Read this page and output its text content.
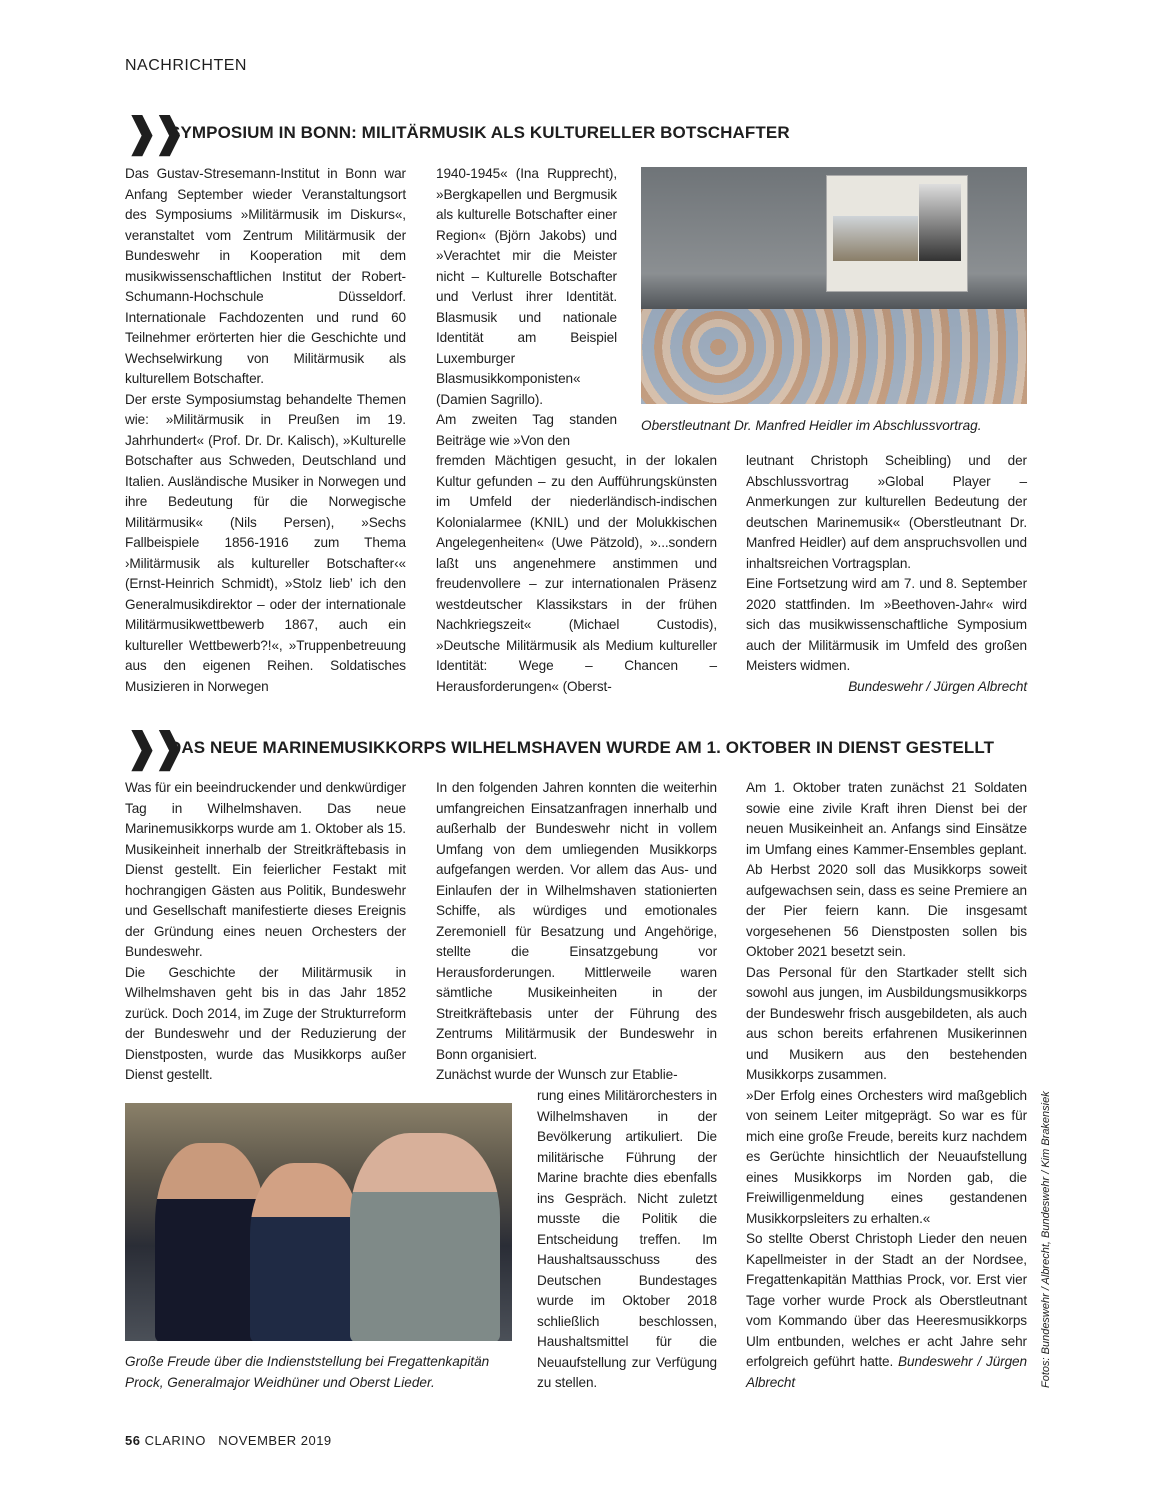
NACHRICHTEN
❱❱
SYMPOSIUM IN BONN: MILITÄRMUSIK ALS KULTURELLER BOTSCHAFTER

Das Gustav-Stresemann-Institut in Bonn war Anfang September wieder Veranstaltungsort des Symposiums »Militärmusik im Diskurs«, veranstaltet vom Zentrum Militärmusik der Bundeswehr in Kooperation mit dem musikwissenschaftlichen Institut der Robert-Schumann-Hochschule Düsseldorf. Internationale Fachdozenten und rund 60 Teilnehmer erörterten hier die Geschichte und Wechselwirkung von Militärmusik als kulturellem Botschafter.

Der erste Symposiumstag behandelte Themen wie: »Militärmusik in Preußen im 19. Jahrhundert« (Prof. Dr. Dr. Kalisch), »Kulturelle Botschafter aus Schweden, Deutschland und Italien. Ausländische Musiker in Norwegen und ihre Bedeutung für die Norwegische Militärmusik« (Nils Persen), »Sechs Fallbeispiele 1856-1916 zum Thema ›Militärmusik als kultureller Botschafter‹« (Ernst-Heinrich Schmidt), »Stolz lieb’ ich den Generalmusikdirektor – oder der internationale Militärmusikwettbewerb 1867, auch ein kultureller Wettbewerb?!«, »Truppenbetreuung aus den eigenen Reihen. Soldatisches Musizieren in Norwegen

1940-1945« (Ina Rupprecht), »Bergkapellen und Bergmusik als kulturelle Botschafter einer Region« (Björn Jakobs) und »Verachtet mir die Meister nicht – Kulturelle Botschafter und Verlust ihrer Identität. Blasmusik und nationale Identität am Beispiel Luxemburger Blasmusikkomponisten« (Damien Sagrillo).

Am zweiten Tag standen Beiträge wie »Von den

Oberstleutnant Dr. Manfred Heidler im Abschlussvortrag.

fremden Mächtigen gesucht, in der lokalen Kultur gefunden – zu den Aufführungskünsten im Umfeld der niederländisch-indischen Kolonialarmee (KNIL) und der Molukkischen Angelegenheiten« (Uwe Pätzold), »...sondern laßt uns angenehmere anstimmen und freudenvollere – zur internationalen Präsenz westdeutscher Klassikstars in der frühen Nachkriegszeit« (Michael Custodis), »Deutsche Militärmusik als Medium kultureller Identität: Wege – Chancen – Herausforderungen« (Oberst-

leutnant Christoph Scheibling) und der Abschlussvortrag »Global Player – Anmerkungen zur kulturellen Bedeutung der deutschen Marinemusik« (Oberstleutnant Dr. Manfred Heidler) auf dem anspruchsvollen und inhaltsreichen Vortragsplan.

Eine Fortsetzung wird am 7. und 8. September 2020 stattfinden. Im »Beethoven-Jahr« wird sich das musikwissenschaftliche Symposium auch der Militärmusik im Umfeld des großen Meisters widmen.

Bundeswehr / Jürgen Albrecht

❱❱
DAS NEUE MARINEMUSIKKORPS WILHELMSHAVEN WURDE AM 1. OKTOBER IN DIENST GESTELLT

Was für ein beeindruckender und denkwürdiger Tag in Wilhelmshaven. Das neue Marinemusikkorps wurde am 1. Oktober als 15. Musikeinheit innerhalb der Streitkräftebasis in Dienst gestellt. Ein feierlicher Festakt mit hochrangigen Gästen aus Politik, Bundeswehr und Gesellschaft manifestierte dieses Ereignis der Gründung eines neuen Orchesters der Bundeswehr.

Die Geschichte der Militärmusik in Wilhelmshaven geht bis in das Jahr 1852 zurück. Doch 2014, im Zuge der Strukturreform der Bundeswehr und der Reduzierung der Dienstposten, wurde das Musikkorps außer Dienst gestellt.

Große Freude über die Indienststellung bei Fregattenkapitän Prock, Generalmajor Weidhüner und Oberst Lieder.

In den folgenden Jahren konnten die weiterhin umfangreichen Einsatzanfragen innerhalb und außerhalb der Bundeswehr nicht in vollem Umfang von dem umliegenden Musikkorps aufgefangen werden. Vor allem das Aus- und Einlaufen der in Wilhelmshaven stationierten Schiffe, als würdiges und emotionales Zeremoniell für Besatzung und Angehörige, stellte die Einsatzgebung vor Herausforderungen. Mittlerweile waren sämtliche Musikeinheiten in der Streitkräftebasis unter der Führung des Zentrums Militärmusik der Bundeswehr in Bonn organisiert.

Zunächst wurde der Wunsch zur Etablie-

rung eines Militärorchesters in Wilhelmshaven in der Bevölkerung artikuliert. Die militärische Führung der Marine brachte dies ebenfalls ins Gespräch. Nicht zuletzt musste die Politik die Entscheidung treffen. Im Haushaltsausschuss des Deutschen Bundestages wurde im Oktober 2018 schließlich beschlossen, Haushaltsmittel für die Neuaufstellung zur Verfügung zu stellen.

Am 1. Oktober traten zunächst 21 Soldaten sowie eine zivile Kraft ihren Dienst bei der neuen Musikeinheit an. Anfangs sind Einsätze im Umfang eines Kammer-Ensembles geplant. Ab Herbst 2020 soll das Musikkorps soweit aufgewachsen sein, dass es seine Premiere an der Pier feiern kann. Die insgesamt vorgesehenen 56 Dienstposten sollen bis Oktober 2021 besetzt sein.

Das Personal für den Startkader stellt sich sowohl aus jungen, im Ausbildungsmusikkorps der Bundeswehr frisch ausgebildeten, als auch aus schon bereits erfahrenen Musikerinnen und Musikern aus den bestehenden Musikkorps zusammen.

»Der Erfolg eines Orchesters wird maßgeblich von seinem Leiter mitgeprägt. So war es für mich eine große Freude, bereits kurz nachdem es Gerüchte hinsichtlich der Neuaufstellung eines Musikkorps im Norden gab, die Freiwilligenmeldung eines gestandenen Musikkorpsleiters zu erhalten.«

So stellte Oberst Christoph Lieder den neuen Kapellmeister in der Stadt an der Nordsee, Fregattenkapitän Matthias Prock, vor. Erst vier Tage vorher wurde Prock als Oberstleutnant vom Kommando über das Heeresmusikkorps Ulm entbunden, welches er acht Jahre sehr erfolgreich geführt hatte. Bundeswehr / Jürgen Albrecht	Fotos: Bundeswehr / Albrecht, Bundeswehr / Kim Brakensiek
56 CLARINO NOVEMBER 2019
